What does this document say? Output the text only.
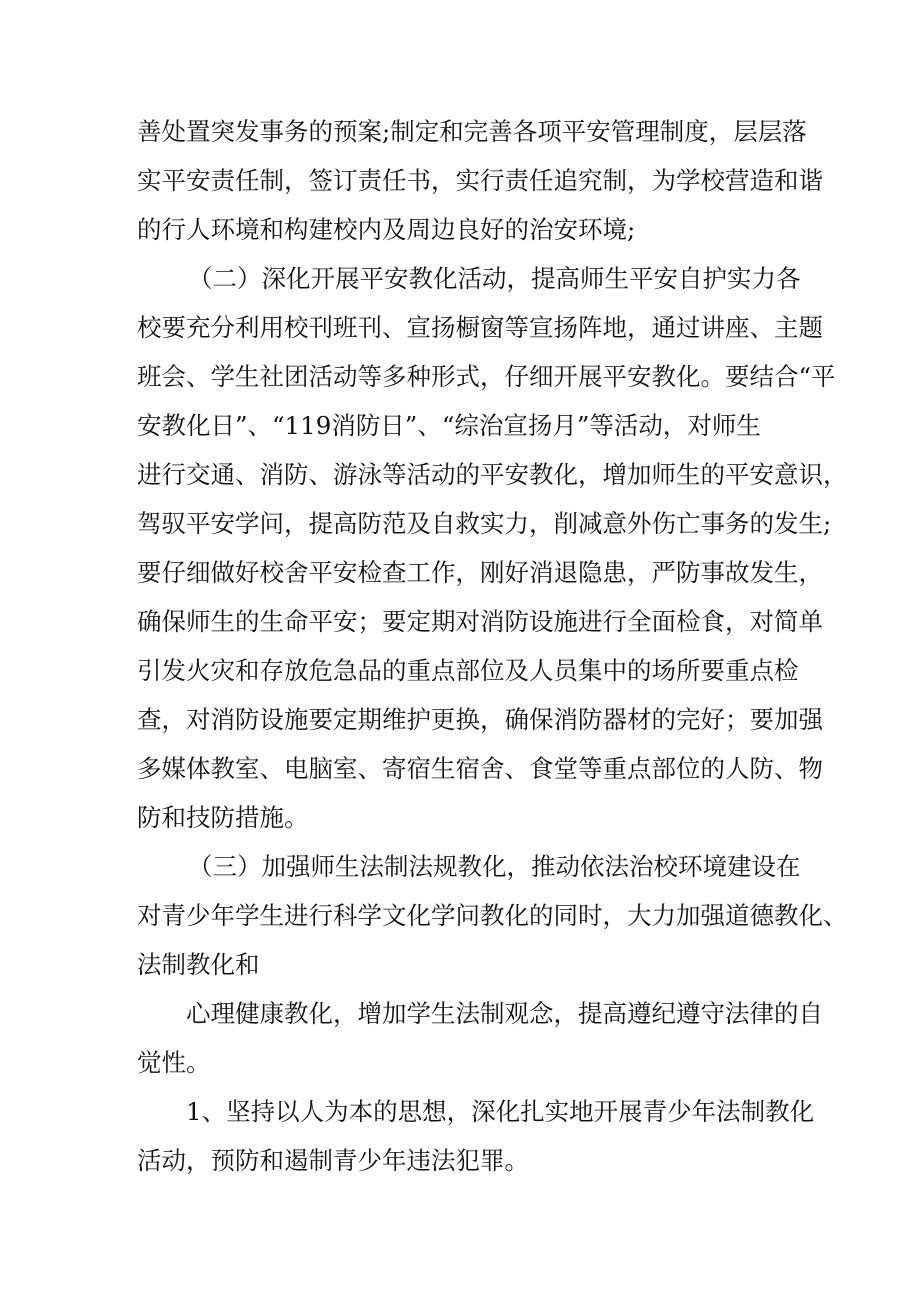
善处置突发事务的预案;制定和完善各项平安管理制度，层层落
实平安责任制，签订责任书，实行责任追究制，为学校营造和谐
的行人环境和构建校内及周边良好的治安环境;
（二）深化开展平安教化活动，提高师生平安自护实力各
校要充分利用校刊班刊、宣扬橱窗等宣扬阵地，通过讲座、主题
班会、学生社团活动等多种形式，仔细开展平安教化。要结合“平
安教化日”、“119消防日”、“综治宣扬月”等活动，对师生
进行交通、消防、游泳等活动的平安教化，增加师生的平安意识，
驾驭平安学问，提高防范及自救实力，削减意外伤亡事务的发生;
要仔细做好校舍平安检查工作，刚好消退隐患，严防事故发生，
确保师生的生命平安；要定期对消防设施进行全面检食，对简单
引发火灾和存放危急品的重点部位及人员集中的场所要重点检
查，对消防设施要定期维护更换，确保消防器材的完好；要加强
多媒体教室、电脑室、寄宿生宿舍、食堂等重点部位的人防、物
防和技防措施。
（三）加强师生法制法规教化，推动依法治校环境建设在
对青少年学生进行科学文化学问教化的同时，大力加强道德教化、
法制教化和
心理健康教化，增加学生法制观念，提高遵纪遵守法律的自
觉性。
1、坚持以人为本的思想，深化扎实地开展青少年法制教化
活动，预防和遏制青少年违法犯罪。
